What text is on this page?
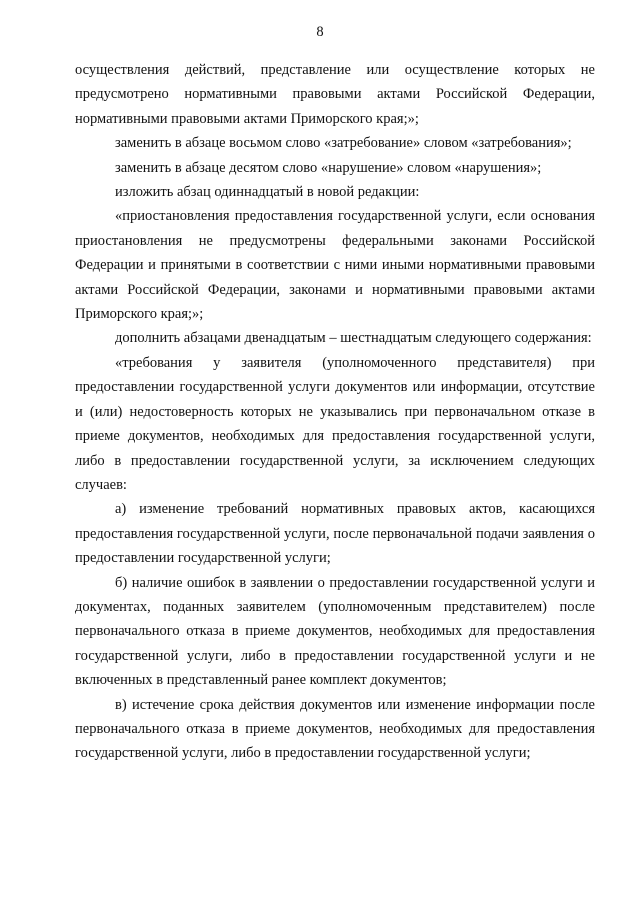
8

осуществления действий, представление или осуществление которых не предусмотрено нормативными правовыми актами Российской Федерации, нормативными правовыми актами Приморского края;»;

заменить в абзаце восьмом слово «затребование» словом «затребования»;

заменить в абзаце десятом слово «нарушение» словом «нарушения»;

изложить абзац одиннадцатый в новой редакции:

«приостановления предоставления государственной услуги, если основания приостановления не предусмотрены федеральными законами Российской Федерации и принятыми в соответствии с ними иными нормативными правовыми актами Российской Федерации, законами и нормативными правовыми актами Приморского края;»;

дополнить абзацами двенадцатым – шестнадцатым следующего содержания:

«требования у заявителя (уполномоченного представителя) при предоставлении государственной услуги документов или информации, отсутствие и (или) недостоверность которых не указывались при первоначальном отказе в приеме документов, необходимых для предоставления государственной услуги, либо в предоставлении государственной услуги, за исключением следующих случаев:

а) изменение требований нормативных правовых актов, касающихся предоставления государственной услуги, после первоначальной подачи заявления о предоставлении государственной услуги;

б) наличие ошибок в заявлении о предоставлении государственной услуги и документах, поданных заявителем (уполномоченным представителем) после первоначального отказа в приеме документов, необходимых для предоставления государственной услуги, либо в предоставлении государственной услуги и не включенных в представленный ранее комплект документов;

в) истечение срока действия документов или изменение информации после первоначального отказа в приеме документов, необходимых для предоставления государственной услуги, либо в предоставлении государственной услуги;
